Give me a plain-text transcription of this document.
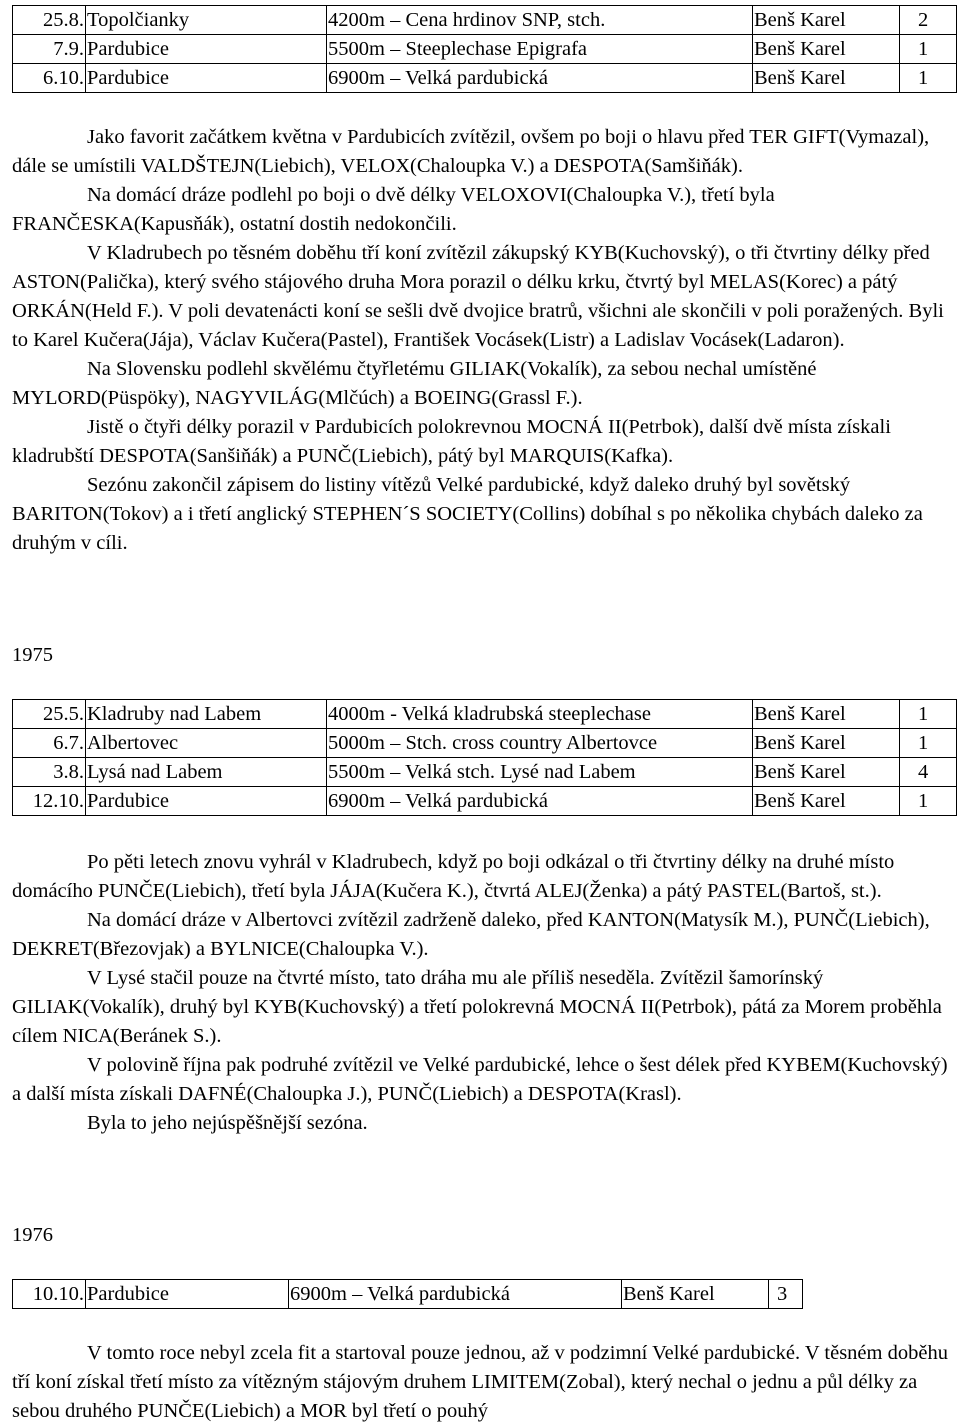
25.8.	Topolčianky	4200m – Cena hrdinov SNP, stch.	Benš Karel	2
7.9.	Pardubice	5500m – Steeplechase Epigrafa	Benš Karel	1
6.10.	Pardubice	6900m – Velká pardubická	Benš Karel	1

Jako favorit začátkem května v Pardubicích zvítězil, ovšem po boji o hlavu před TER GIFT(Vymazal), dále se umístili VALDŠTEJN(Liebich), VELOX(Chaloupka V.) a DESPOTA(Samšiňák).

Na domácí dráze podlehl po boji o dvě délky VELOXOVI(Chaloupka V.), třetí byla FRANČESKA(Kapusňák), ostatní dostih nedokončili.

V Kladrubech po těsném doběhu tří koní zvítězil zákupský KYB(Kuchovský), o tři čtvrtiny délky před ASTON(Palička), který svého stájového druha Mora porazil o délku krku, čtvrtý byl MELAS(Korec) a pátý ORKÁN(Held F.). V poli devatenácti koní se sešli dvě dvojice bratrů, všichni ale skončili v poli poražených. Byli to Karel Kučera(Jája), Václav Kučera(Pastel), František Vocásek(Listr) a Ladislav Vocásek(Ladaron).

Na Slovensku podlehl skvělému čtyřletému GILIAK(Vokalík), za sebou nechal umístěné MYLORD(Püspöky), NAGYVILÁG(Mlčúch) a BOEING(Grassl F.).

Jistě o čtyři délky porazil v Pardubicích polokrevnou MOCNÁ II(Petrbok), další dvě místa získali kladrubští DESPOTA(Sanšiňák) a PUNČ(Liebich), pátý byl MARQUIS(Kafka).

Sezónu zakončil zápisem do listiny vítězů Velké pardubické, když daleko druhý byl sovětský BARITON(Tokov) a i třetí anglický STEPHEN´S SOCIETY(Collins) dobíhal s po několika chybách daleko za druhým v cíli.

1975
25.5.	Kladruby nad Labem	4000m - Velká kladrubská steeplechase	Benš Karel	1
6.7.	Albertovec	5000m – Stch. cross country Albertovce	Benš Karel	1
3.8.	Lysá nad Labem	5500m – Velká stch. Lysé nad Labem	Benš Karel	4
12.10.	Pardubice	6900m – Velká pardubická	Benš Karel	1

Po pěti letech znovu vyhrál v Kladrubech, když po boji odkázal o tři čtvrtiny délky na druhé místo domácího PUNČE(Liebich), třetí byla JÁJA(Kučera K.), čtvrtá ALEJ(Ženka) a pátý PASTEL(Bartoš, st.).

Na domácí dráze v Albertovci zvítězil zadrženě daleko, před KANTON(Matysík M.), PUNČ(Liebich), DEKRET(Březovjak) a BYLNICE(Chaloupka V.).

V Lysé stačil pouze na čtvrté místo, tato dráha mu ale příliš neseděla. Zvítězil šamorínský GILIAK(Vokalík), druhý byl KYB(Kuchovský) a třetí polokrevná MOCNÁ II(Petrbok), pátá za Morem proběhla cílem NICA(Beránek S.).

V polovině října pak podruhé zvítězil ve Velké pardubické, lehce o šest délek před KYBEM(Kuchovský) a další místa získali DAFNÉ(Chaloupka J.), PUNČ(Liebich) a DESPOTA(Krasl).

Byla to jeho nejúspěšnější sezóna.

1976
10.10.	Pardubice	6900m – Velká pardubická	Benš Karel	3

V tomto roce nebyl zcela fit a startoval pouze jednou, až v podzimní Velké pardubické. V těsném doběhu tří koní získal třetí místo za vítězným stájovým druhem LIMITEM(Zobal), který nechal o jednu a půl délky za sebou druhého PUNČE(Liebich) a MOR byl třetí o pouhý
